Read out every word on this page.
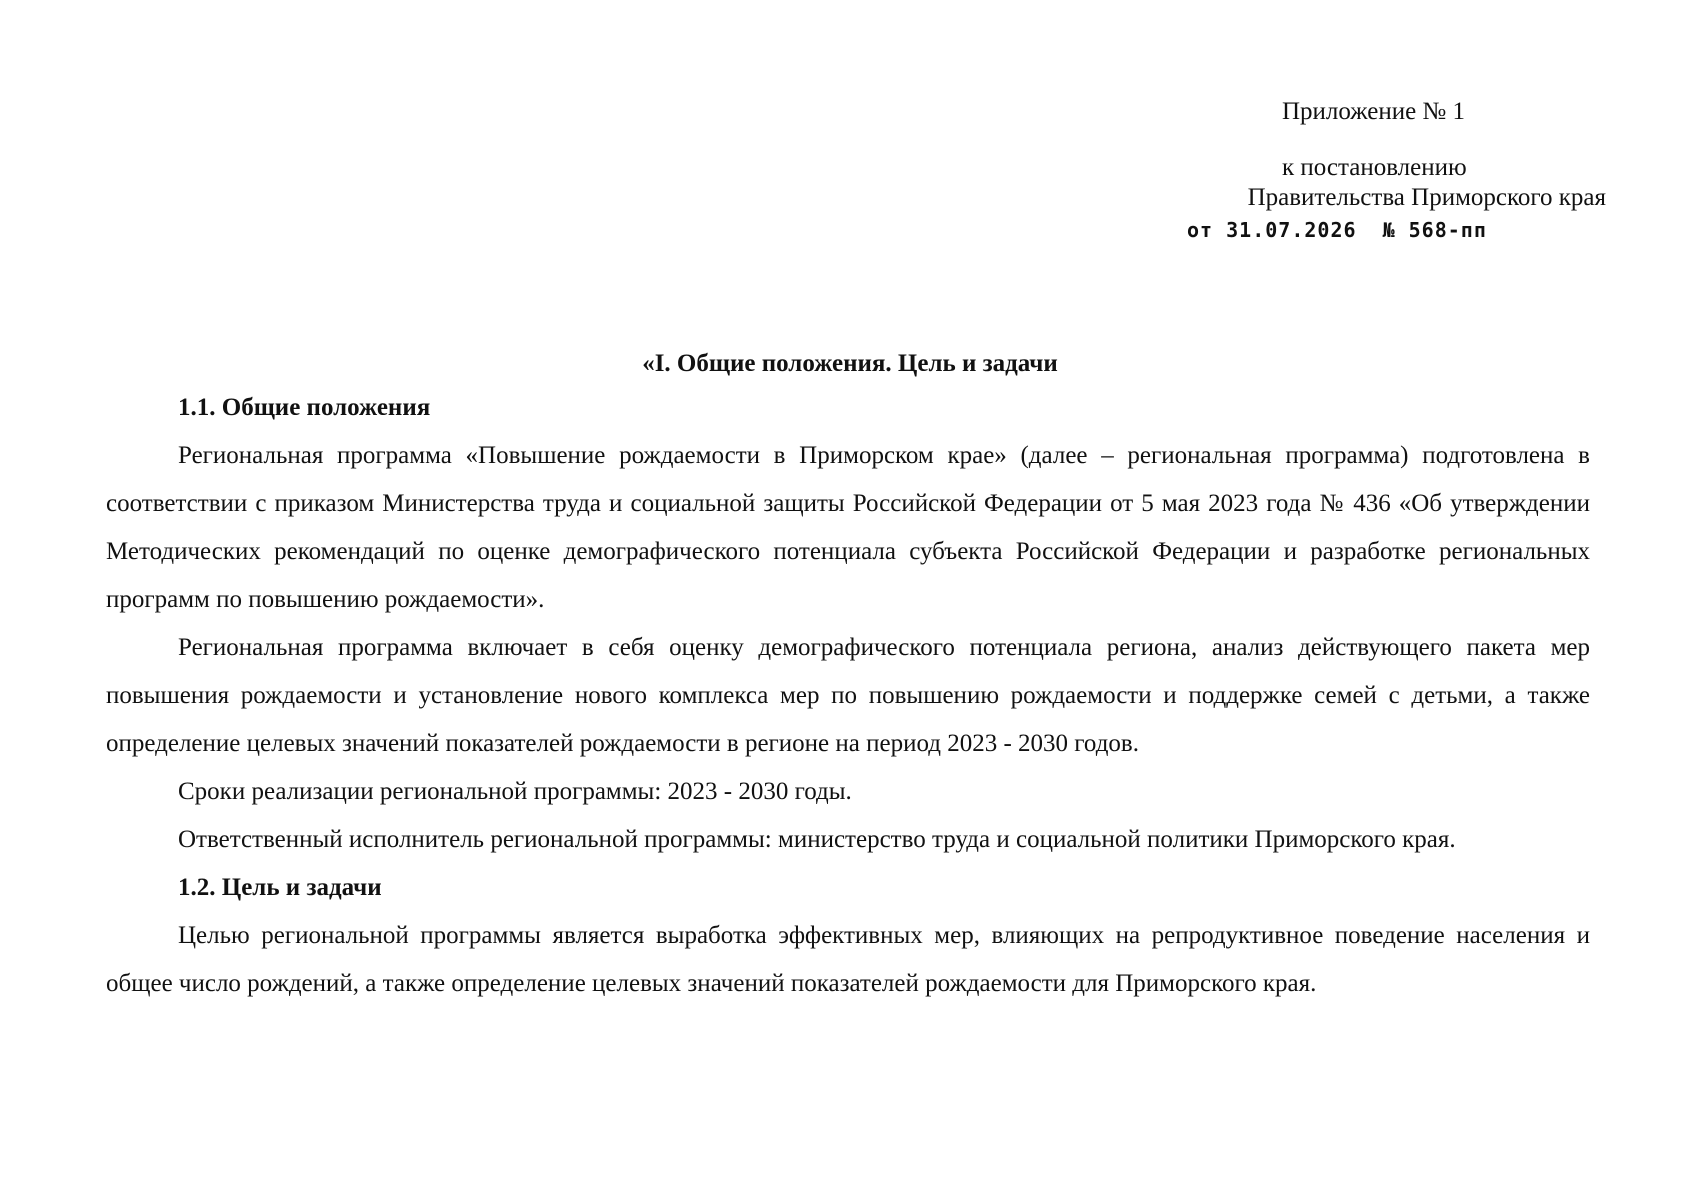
Приложение № 1
к постановлению
Правительства Приморского края
от 31.07.2026 № 568-пп
«I. Общие положения. Цель и задачи
1.1. Общие положения

Региональная программа «Повышение рождаемости в Приморском крае» (далее – региональная программа) подготовлена в соответствии с приказом Министерства труда и социальной защиты Российской Федерации от 5 мая 2023 года № 436 «Об утверждении Методических рекомендаций по оценке демографического потенциала субъекта Российской Федерации и разработке региональных программ по повышению рождаемости».

Региональная программа включает в себя оценку демографического потенциала региона, анализ действующего пакета мер повышения рождаемости и установление нового комплекса мер по повышению рождаемости и поддержке семей с детьми, а также определение целевых значений показателей рождаемости в регионе на период 2023 - 2030 годов.

Сроки реализации региональной программы: 2023 - 2030 годы.

Ответственный исполнитель региональной программы: министерство труда и социальной политики Приморского края.

1.2. Цель и задачи

Целью региональной программы является выработка эффективных мер, влияющих на репродуктивное поведение населения и общее число рождений, а также определение целевых значений показателей рождаемости для Приморского края.
